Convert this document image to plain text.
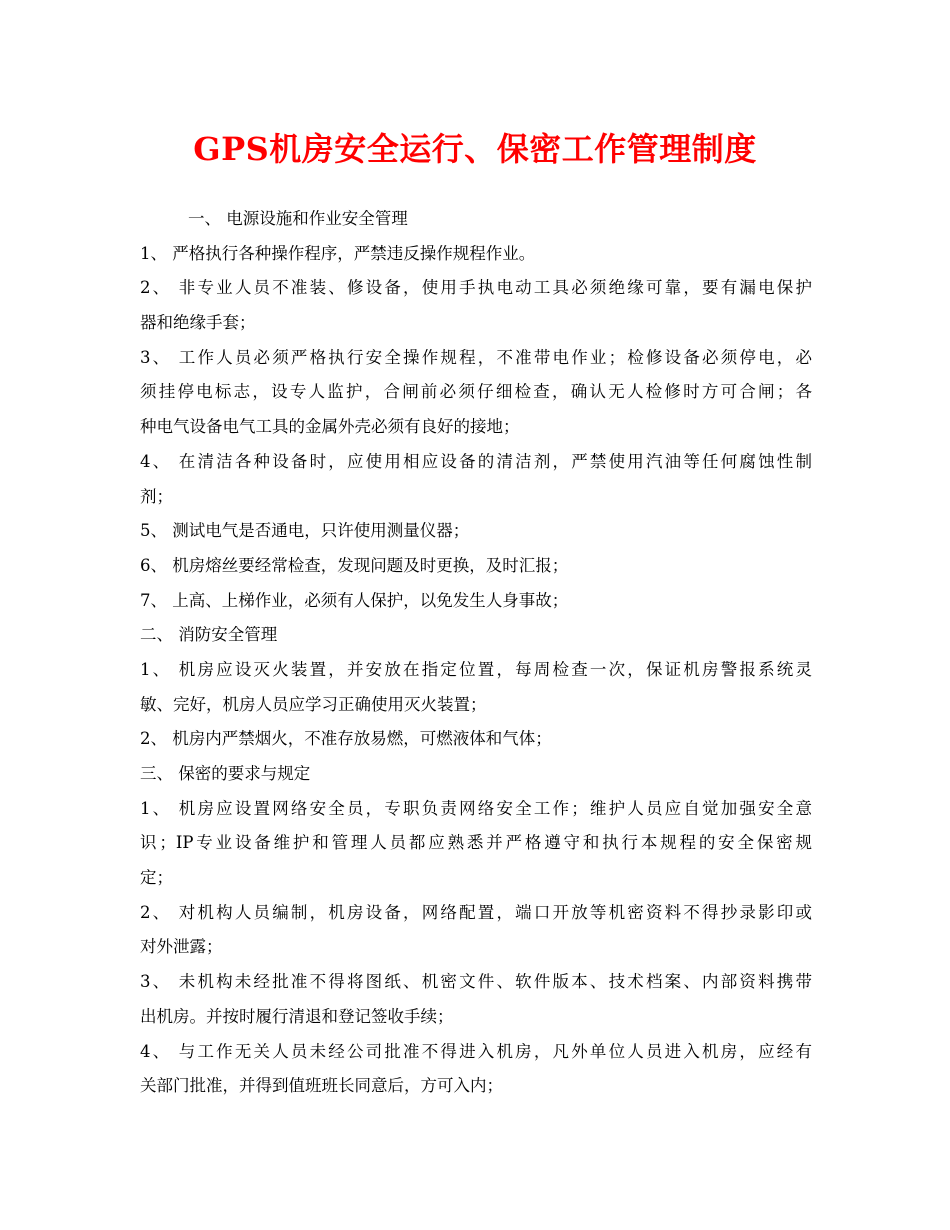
GPS机房安全运行、保密工作管理制度
一、 电源设施和作业安全管理
1、 严格执行各种操作程序，严禁违反操作规程作业。
2、 非专业人员不准装、修设备，使用手执电动工具必须绝缘可靠，要有漏电保护
器和绝缘手套；
3、 工作人员必须严格执行安全操作规程，不准带电作业；检修设备必须停电，必
须挂停电标志，设专人监护，合闸前必须仔细检查，确认无人检修时方可合闸；各
种电气设备电气工具的金属外壳必须有良好的接地；
4、 在清洁各种设备时，应使用相应设备的清洁剂，严禁使用汽油等任何腐蚀性制
剂；
5、 测试电气是否通电，只许使用测量仪器；
6、 机房熔丝要经常检查，发现问题及时更换，及时汇报；
7、 上高、上梯作业，必须有人保护，以免发生人身事故；
二、 消防安全管理
1、 机房应设灭火装置，并安放在指定位置，每周检查一次，保证机房警报系统灵
敏、完好，机房人员应学习正确使用灭火装置；
2、 机房内严禁烟火，不准存放易燃，可燃液体和气体；
三、 保密的要求与规定
1、 机房应设置网络安全员，专职负责网络安全工作；维护人员应自觉加强安全意
识；IP专业设备维护和管理人员都应熟悉并严格遵守和执行本规程的安全保密规
定；
2、 对机构人员编制，机房设备，网络配置，端口开放等机密资料不得抄录影印或
对外泄露；
3、 未机构未经批准不得将图纸、机密文件、软件版本、技术档案、内部资料携带
出机房。并按时履行清退和登记签收手续；
4、 与工作无关人员未经公司批准不得进入机房，凡外单位人员进入机房，应经有
关部门批准，并得到值班班长同意后，方可入内；
